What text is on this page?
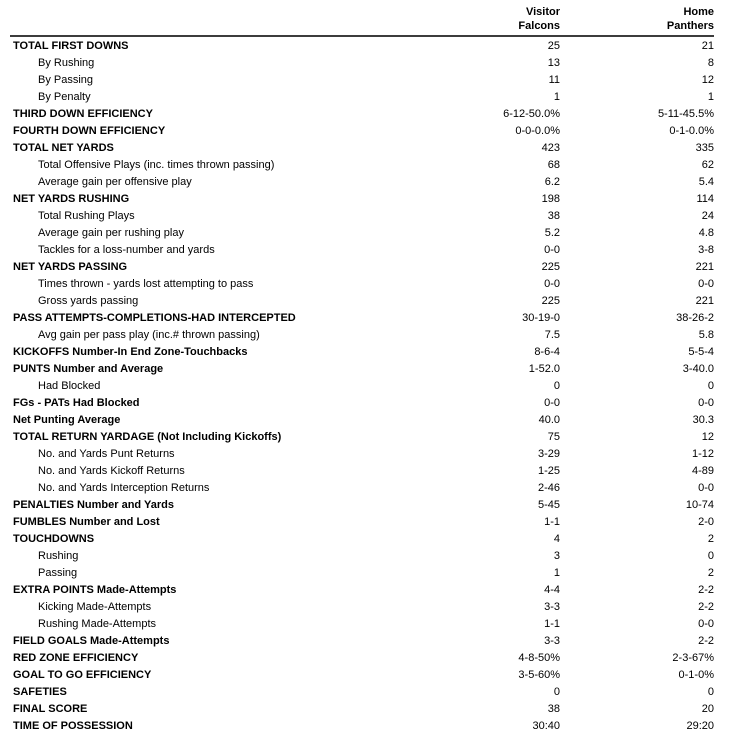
Visitor
Falcons
Home
Panthers
TOTAL FIRST DOWNS	25	21
By Rushing	13	8
By Passing	11	12
By Penalty	1	1
THIRD DOWN EFFICIENCY	6-12-50.0%	5-11-45.5%
FOURTH DOWN EFFICIENCY	0-0-0.0%	0-1-0.0%
TOTAL NET YARDS	423	335
Total Offensive Plays (inc. times thrown passing)	68	62
Average gain per offensive play	6.2	5.4
NET YARDS RUSHING	198	114
Total Rushing Plays	38	24
Average gain per rushing play	5.2	4.8
Tackles for a loss-number and yards	0-0	3-8
NET YARDS PASSING	225	221
Times thrown - yards lost attempting to pass	0-0	0-0
Gross yards passing	225	221
PASS ATTEMPTS-COMPLETIONS-HAD INTERCEPTED	30-19-0	38-26-2
Avg gain per pass play (inc.# thrown passing)	7.5	5.8
KICKOFFS Number-In End Zone-Touchbacks	8-6-4	5-5-4
PUNTS Number and Average	1-52.0	3-40.0
Had Blocked	0	0
FGs - PATs Had Blocked	0-0	0-0
Net Punting Average	40.0	30.3
TOTAL RETURN YARDAGE (Not Including Kickoffs)	75	12
No. and Yards Punt Returns	3-29	1-12
No. and Yards Kickoff Returns	1-25	4-89
No. and Yards Interception Returns	2-46	0-0
PENALTIES Number and Yards	5-45	10-74
FUMBLES Number and Lost	1-1	2-0
TOUCHDOWNS	4	2
Rushing	3	0
Passing	1	2
EXTRA POINTS Made-Attempts	4-4	2-2
Kicking Made-Attempts	3-3	2-2
Rushing Made-Attempts	1-1	0-0
FIELD GOALS Made-Attempts	3-3	2-2
RED ZONE EFFICIENCY	4-8-50%	2-3-67%
GOAL TO GO EFFICIENCY	3-5-60%	0-1-0%
SAFETIES	0	0
FINAL SCORE	38	20
TIME OF POSSESSION	30:40	29:20
